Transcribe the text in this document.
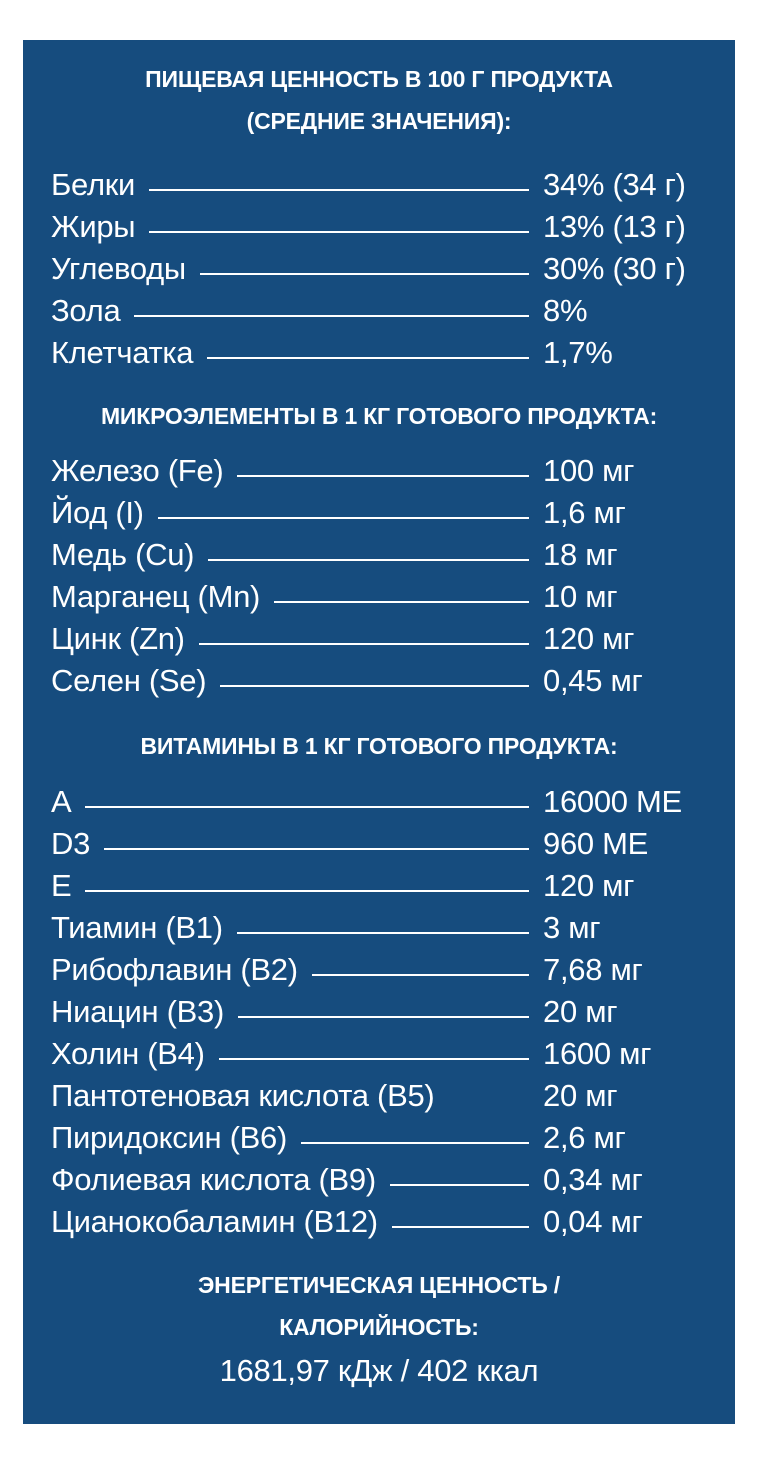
ПИЩЕВАЯ ЦЕННОСТЬ В 100 Г ПРОДУКТА
(СРЕДНИЕ ЗНАЧЕНИЯ):
Белки	34% (34 г)
Жиры	13% (13 г)
Углеводы	30% (30 г)
Зола	8%
Клетчатка	1,7%
МИКРОЭЛЕМЕНТЫ В 1 КГ ГОТОВОГО ПРОДУКТА:
Железо (Fe)	100 мг
Йод (I)	1,6 мг
Медь (Cu)	18 мг
Марганец (Mn)	10 мг
Цинк (Zn)	120 мг
Селен (Se)	0,45 мг
ВИТАМИНЫ В 1 КГ ГОТОВОГО ПРОДУКТА:
A	16000 МЕ
D3	960 МЕ
E	120 мг
Тиамин (B1)	3 мг
Рибофлавин (B2)	7,68 мг
Ниацин (B3)	20 мг
Холин (B4)	1600 мг
Пантотеновая кислота (B5)	20 мг
Пиридоксин (B6)	2,6 мг
Фолиевая кислота (B9)	0,34 мг
Цианокобаламин (B12)	0,04 мг
ЭНЕРГЕТИЧЕСКАЯ ЦЕННОСТЬ /
КАЛОРИЙНОСТЬ:
1681,97 кДж / 402 ккал
